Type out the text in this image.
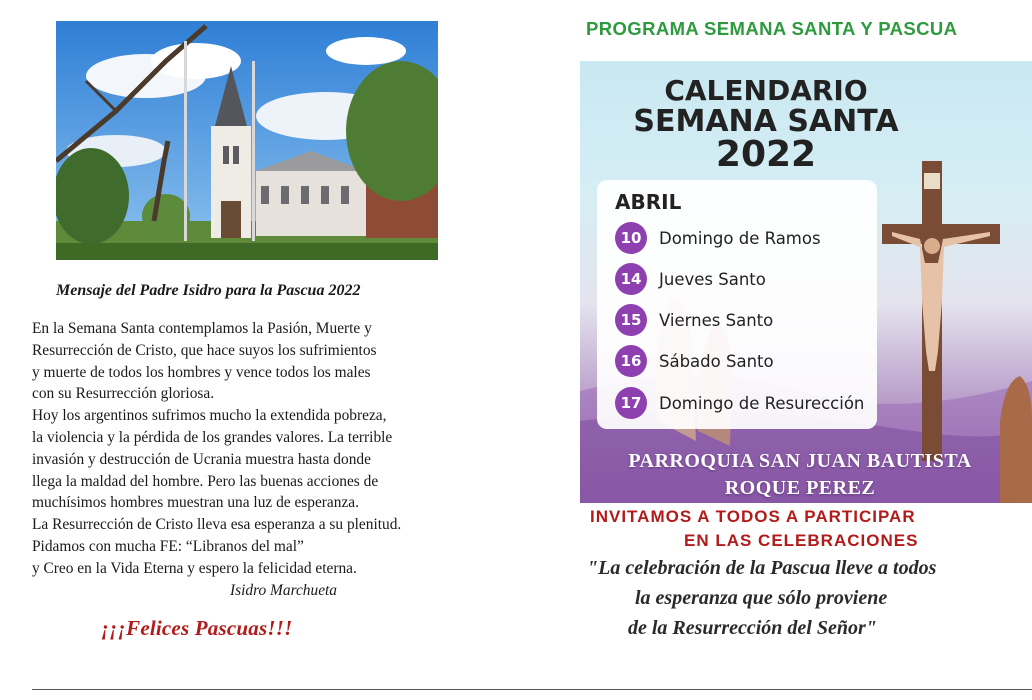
Mensaje del Padre Isidro para la Pascua 2022
En la Semana Santa contemplamos la Pasión, Muerte y
Resurrección de Cristo, que hace suyos los sufrimientos
y muerte de todos los hombres y vence todos los males
con su Resurrección gloriosa.
Hoy los argentinos sufrimos mucho la extendida pobreza,
la violencia y la pérdida de los grandes valores. La terrible
invasión y destrucción de Ucrania muestra hasta donde
llega la maldad del hombre. Pero las buenas acciones de
muchísimos hombres muestran una luz de esperanza.
La Resurrección de Cristo lleva esa esperanza a su plenitud.
Pidamos con mucha FE: “Libranos del mal”
y Creo en la Vida Eterna y espero la felicidad eterna.
Isidro Marchueta
¡¡¡Felices Pascuas!!!
PROGRAMA SEMANA SANTA Y PASCUA
CALENDARIO
SEMANA SANTA
2022
ABRIL
10	Domingo de Ramos
14	Jueves Santo
15	Viernes Santo
16	Sábado Santo
17	Domingo de Resurección
PARROQUIA SAN JUAN BAUTISTA
ROQUE PEREZ
INVITAMOS A TODOS A PARTICIPAR
EN LAS CELEBRACIONES
"La celebración de la Pascua lleve a todos
la esperanza que sólo proviene
de la Resurrección del Señor"
